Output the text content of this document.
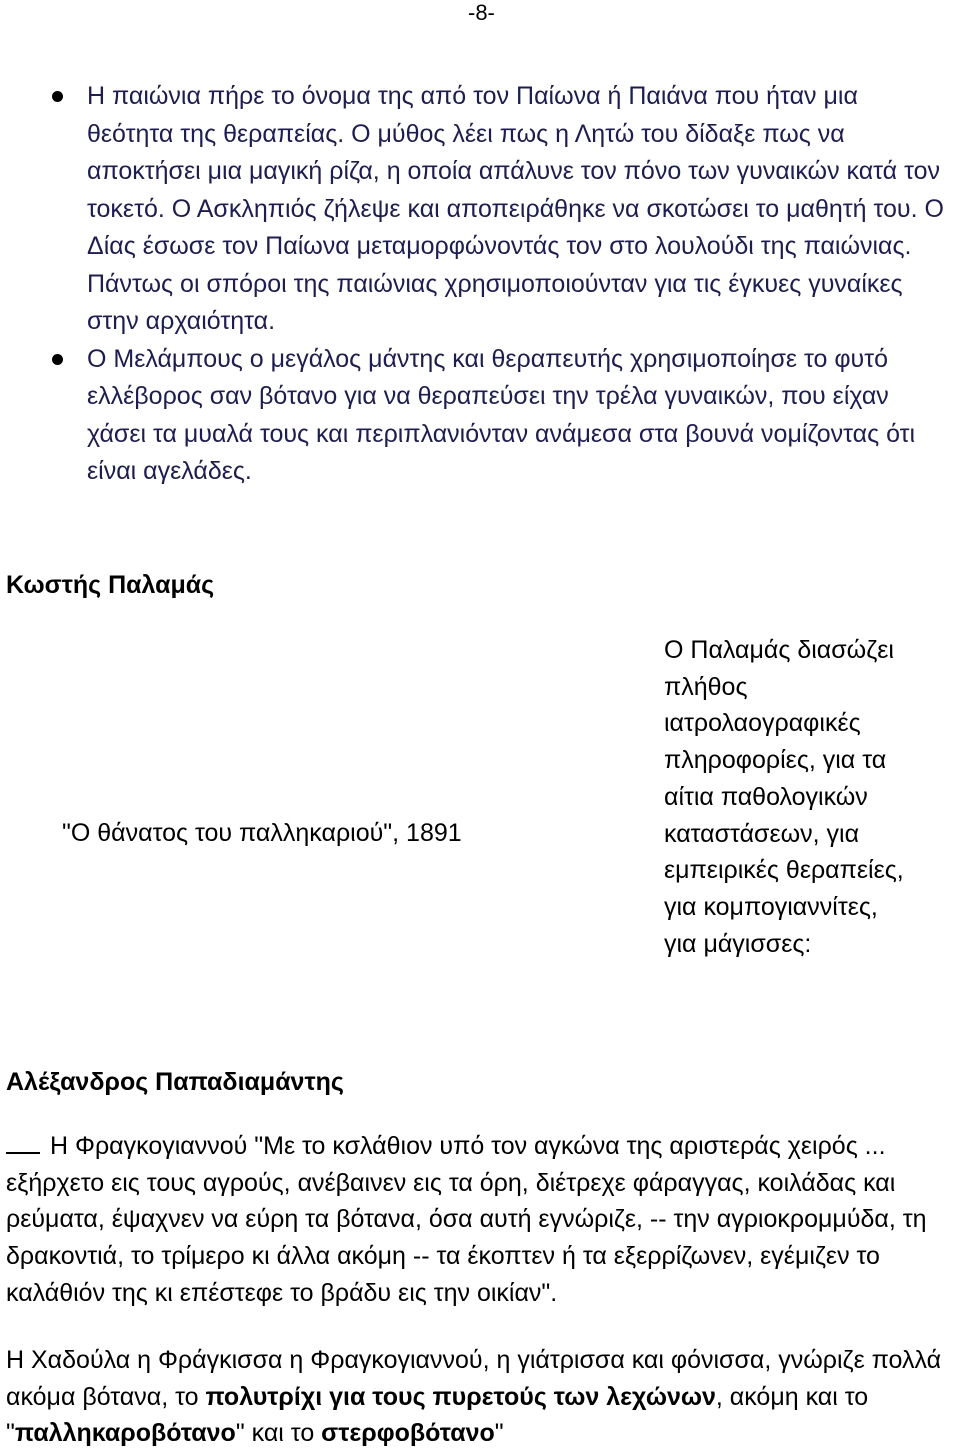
-8-
Η παιώνια πήρε το όνομα της από τον Παίωνα ή Παιάνα που ήταν μια θεότητα της θεραπείας. Ο μύθος λέει πως η Λητώ του δίδαξε πως να αποκτήσει μια μαγική ρίζα, η οποία απάλυνε τον πόνο των γυναικών κατά τον τοκετό. Ο Ασκληπιός ζήλεψε και αποπειράθηκε να σκοτώσει το μαθητή του. Ο Δίας έσωσε τον Παίωνα μεταμορφώνοντάς τον στο λουλούδι της παιώνιας. Πάντως οι σπόροι της παιώνιας χρησιμοποιούνταν για τις έγκυες γυναίκες στην αρχαιότητα.
Ο Μελάμπους ο μεγάλος μάντης και θεραπευτής χρησιμοποίησε το φυτό ελλέβορος σαν βότανο για να θεραπεύσει την τρέλα γυναικών, που είχαν χάσει τα μυαλά τους και περιπλανιόνταν ανάμεσα στα βουνά νομίζοντας ότι είναι αγελάδες.
Κωστής Παλαμάς
"Ο θάνατος του παλληκαριού", 1891
Ο Παλαμάς διασώζει πλήθος ιατρολαογραφικές πληροφορίες, για τα αίτια παθολογικών καταστάσεων, για εμπειρικές θεραπείες, για κομπογιαννίτες, για μάγισσες:
Αλέξανδρος Παπαδιαμάντης
Η Φραγκογιαννού "Με το κσλάθιον υπό τον αγκώνα της αριστεράς χειρός ... εξήρχετο εις τους αγρούς, ανέβαινεν εις τα όρη, διέτρεχε φάραγγας, κοιλάδας και ρεύματα, έψαχνεν να εύρη τα βότανα, όσα αυτή εγνώριζε, -- την αγριοκρομμύδα, τη δρακοντιά, το τρίμερο κι άλλα ακόμη -- τα έκοπτεν ή τα εξερρίζωνεν, εγέμιζεν το καλάθιόν της κι επέστεφε το βράδυ εις την οικίαν".
Η Χαδούλα η Φράγκισσα η Φραγκογιαννού, η γιάτρισσα και φόνισσα, γνώριζε πολλά ακόμα βότανα, το πολυτρίχι για τους πυρετούς των λεχώνων, ακόμη και το "παλληκαροβότανο" και το στερφοβότανο"
